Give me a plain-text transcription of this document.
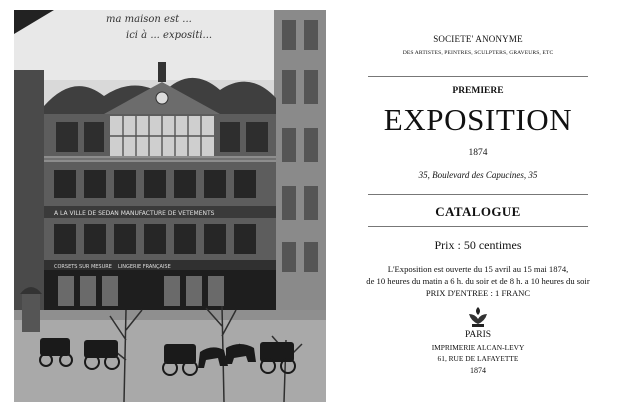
ma maison est ...
ici à ... expositi...
A LA VILLE DE SEDAN MANUFACTURE DE VETEMENTS
CORSETS SUR MESURE LINGERIE FRANÇAISE
SOCIETE' ANONYME
DES ARTISTES, PEINTRES, SCULPTERS, GRAVEURS, ETC
PREMIERE
EXPOSITION
1874
35, Boulevard des Capucines, 35
CATALOGUE
Prix : 50 centimes
L'Exposition est ouverte du 15 avril au 15 mai 1874,
de 10 heures du matin a 6 h. du soir et de 8 h. a 10 heures du soir
PRIX D'ENTREE : 1 FRANC
PARIS
IMPRIMERIE ALCAN-LEVY
61, RUE DE LAFAYETTE
1874
